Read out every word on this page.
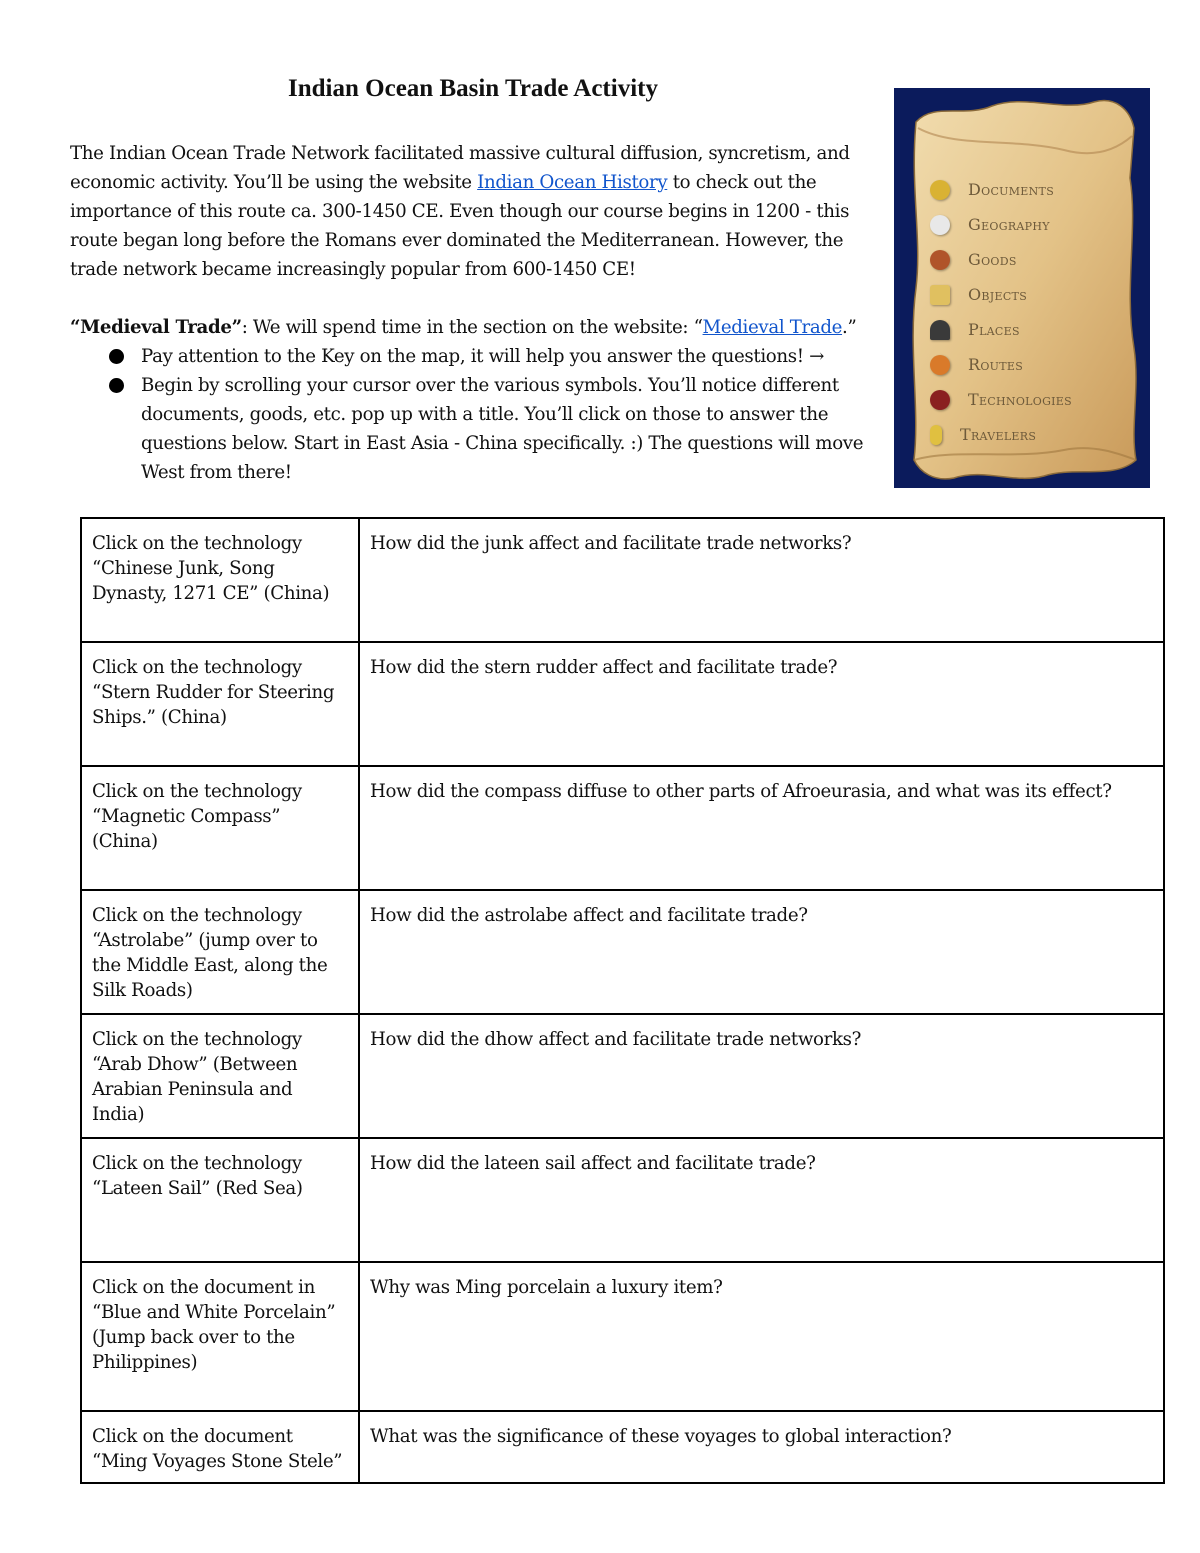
Indian Ocean Basin Trade Activity

The Indian Ocean Trade Network facilitated massive cultural diffusion, syncretism, and economic activity. You’ll be using the website Indian Ocean History to check out the importance of this route ca. 300-1450 CE. Even though our course begins in 1200 - this route began long before the Romans ever dominated the Mediterranean. However, the trade network became increasingly popular from 600-1450 CE!

“Medieval Trade”: We will spend time in the section on the website: “Medieval Trade.”

Pay attention to the Key on the map, it will help you answer the questions! →
Begin by scrolling your cursor over the various symbols. You’ll notice different documents, goods, etc. pop up with a title. You’ll click on those to answer the questions below. Start in East Asia - China specifically. :) The questions will move West from there!
Documents
Geography
Goods
Objects
Places
Routes
Technologies
Travelers
Click on the technology “Chinese Junk, Song Dynasty, 1271 CE” (China)	How did the junk affect and facilitate trade networks?
Click on the technology “Stern Rudder for Steering Ships.” (China)	How did the stern rudder affect and facilitate trade?
Click on the technology “Magnetic Compass” (China)	How did the compass diffuse to other parts of Afroeurasia, and what was its effect?
Click on the technology “Astrolabe” (jump over to the Middle East, along the Silk Roads)	How did the astrolabe affect and facilitate trade?
Click on the technology “Arab Dhow” (Between Arabian Peninsula and India)	How did the dhow affect and facilitate trade networks?
Click on the technology “Lateen Sail” (Red Sea)	How did the lateen sail affect and facilitate trade?
Click on the document in “Blue and White Porcelain” (Jump back over to the Philippines)	Why was Ming porcelain a luxury item?
Click on the document “Ming Voyages Stone Stele”	What was the significance of these voyages to global interaction?
